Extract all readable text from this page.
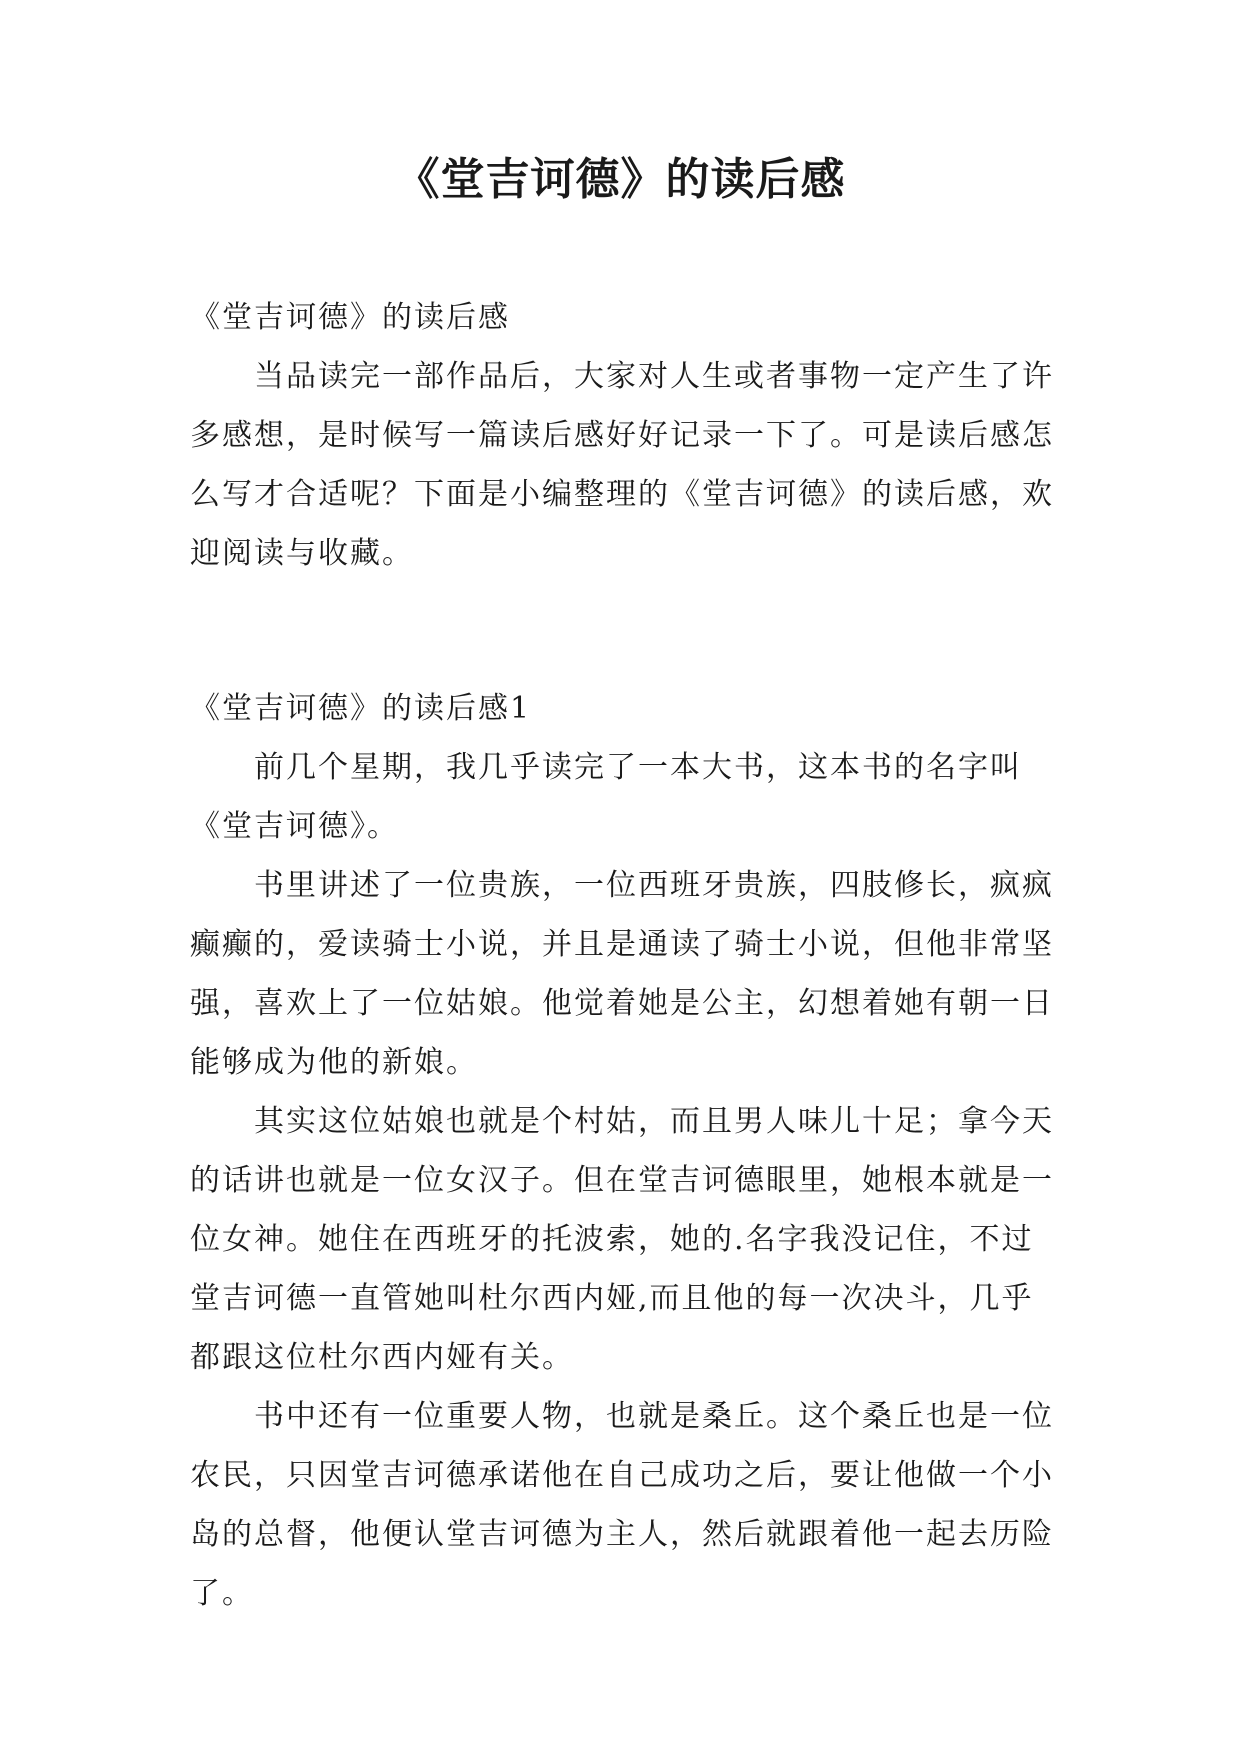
《堂吉诃德》的读后感

《堂吉诃德》的读后感

当品读完一部作品后，大家对人生或者事物一定产生了许多感想，是时候写一篇读后感好好记录一下了。可是读后感怎么写才合适呢？下面是小编整理的《堂吉诃德》的读后感，欢迎阅读与收藏。

《堂吉诃德》的读后感1

前几个星期，我几乎读完了一本大书，这本书的名字叫《堂吉诃德》。

书里讲述了一位贵族，一位西班牙贵族，四肢修长，疯疯癫癫的，爱读骑士小说，并且是通读了骑士小说，但他非常坚强，喜欢上了一位姑娘。他觉着她是公主，幻想着她有朝一日能够成为他的新娘。

其实这位姑娘也就是个村姑，而且男人味儿十足；拿今天的话讲也就是一位女汉子。但在堂吉诃德眼里，她根本就是一位女神。她住在西班牙的托波索，她的.名字我没记住，不过堂吉诃德一直管她叫杜尔西内娅,而且他的每一次决斗，几乎都跟这位杜尔西内娅有关。

书中还有一位重要人物，也就是桑丘。这个桑丘也是一位农民，只因堂吉诃德承诺他在自己成功之后，要让他做一个小岛的总督，他便认堂吉诃德为主人，然后就跟着他一起去历险了。
